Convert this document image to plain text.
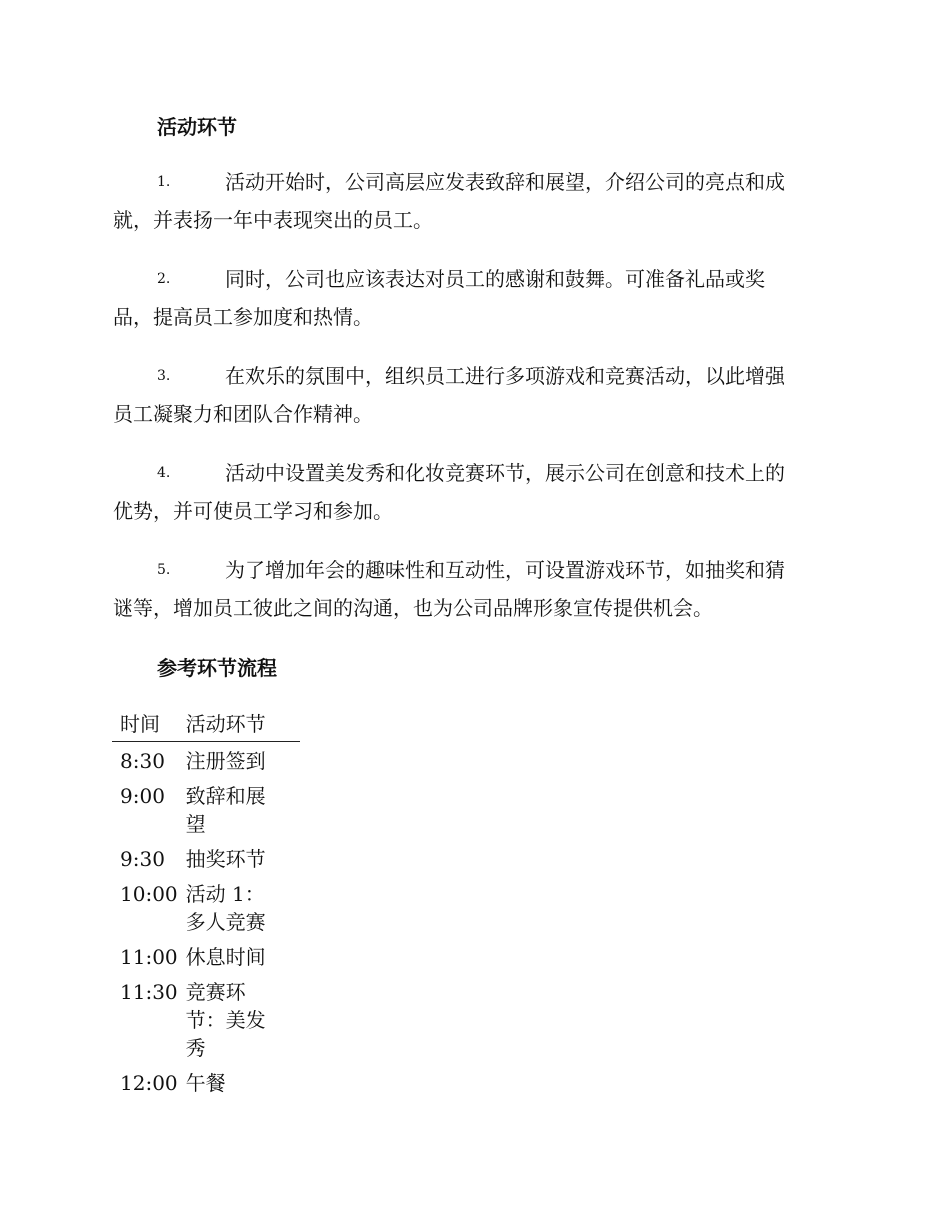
活动环节
1.	活动开始时，公司高层应发表致辞和展望，介绍公司的亮点和成
就，并表扬一年中表现突出的员工。
2.	同时，公司也应该表达对员工的感谢和鼓舞。可准备礼品或奖
品，提高员工参加度和热情。
3.	在欢乐的氛围中，组织员工进行多项游戏和竞赛活动，以此增强
员工凝聚力和团队合作精神。
4.	活动中设置美发秀和化妆竞赛环节，展示公司在创意和技术上的
优势，并可使员工学习和参加。
5.	为了增加年会的趣味性和互动性，可设置游戏环节，如抽奖和猜
谜等，增加员工彼此之间的沟通，也为公司品牌形象宣传提供机会。
参考环节流程
时间	活动环节
8:30	注册签到

9:00	致辞和展望

9:30	抽奖环节

10:00	活动 1：多人竞赛

11:00	休息时间

11:30	竞赛环节：美发秀

12:00	午餐
